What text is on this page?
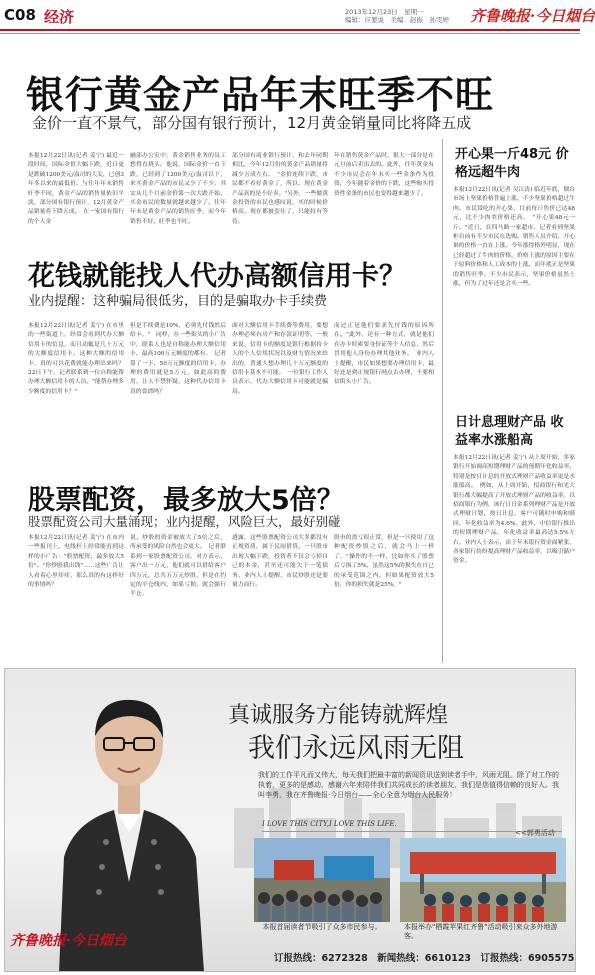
C08 经济	2013年12月23日　星期一
编辑：应要说　美编：赵振　孙雯婷	齐鲁晚报·今日烟台
银行黄金产品年末旺季不旺
金价一直不景气，部分国有银行预计，12月黄金销量同比将降五成
本报12月22日讯(记者 姜宁) 最近一段时间，国际金价大幅下跌，近日更是跌破1200美元/盎司的大关，已创3年多以来的最低价。与往年年末销售旺季不同，黄金产品的销售量依旧平淡，部分国有银行预计，12月黄金产品销量将下降五成。　在一家国有银行的个人金
融部办公室中，黄金销售业务的员工愁得直挠头。他说，国际金价一直下跌，已经到了1200美元/盎司以下，来买黄金产品的市民又少了不少。其实从几个月前金价第一次大跌开始，买金市民的数量就越来越少了。往年年末是黄金产品的销售旺季，而今年销售不好，旺季也不旺。
部分国有商业银行预计，和去年同期相比，今年12月份的黄金产品销量将减少五成左右。　"金价连续下跌，市民都不看好黄金了，所以，现在黄金产品真的是不好卖。"另外，一些做黄金投资的市民也感叹说，买的时候价格高，现在都被套住了，只能持有等待。
年在销售黄金产品时，很大一部分是在元旦前后卖出去的。此外，往年黄金有不少市民会在年末买一些金条作为投资，今年随着金价的下跌，这些购买投资性金条的市民也变得越来越少了。
开心果一斤48元 价格远超牛肉
本报12月22日讯(记者 吴江涛) 临近年底，烟台市场上坚果价格普遍上涨，不少坚果价格超过牛肉。市民常吃的开心果，目前每斤售价已达48元，比不少肉类价格还高。　"开心果48元一斤。"近日，在四马路一家超市，记者看到坚果柜台前有不少市民在选购。销售人员介绍，开心果的价格一直在上涨，今年涨得格外明显，现在已经超过了牛肉的价格。价格上涨的原因主要在于原料价格和人工成本的上涨，而年底正是坚果的销售旺季。不少市民表示，坚果价格虽然上涨，但为了过年还是会买一些。
花钱就能找人代办高额信用卡？
业内提醒：这种骗局很低劣，目的是骗取办卡手续费
本报12月22日讯(记者 姜宁) 在市里的一些街道上，经常会看到代办大额信用卡的信息，而且动辄是几十万元的大额度信用卡。这种大额的信用卡，真的可以花费就能办理出来吗？　22日下午，记者联系到一位自称能帮办理大额信用卡的人员，"能帮办理多少额度的信用卡？"
但是手续费是10%，必须先付钱然后给卡。"　同样，在一些街头的小广告中，联系人也是自称能办理大额信用卡，最高100万元额度的都有。　记者算了一下，50万元额度的信用卡，办理的费用就是5万元。如此高的费用，让人不禁怀疑，这种代办信用卡真的靠谱吗？
面对大额信用卡手续费等费用，要想办理必须有房产和存款证明等。一般来说，信用卡的额度是银行根据持卡人的个人信用状况以及财力情况来给出的，普通人想办理几十万元额度的信用卡基本不可能。　一位银行工作人员表示，代办大额信用卡可能就是骗局。
而过正是他们要求先付钱的原因所在。"此外，还有一种方式，就是他们在办卡时索要身份证等个人信息，然后冒用他人身份办理其他业务。　业内人士提醒，市民如果想要办理信用卡，最好还是到正规银行网点去办理，不要相信街头小广告。
日计息理财产品 收益率水涨船高
本报12月22日讯(记者 姜宁) 从上周开始，多家银行开始调高短期理财产品的预期年化收益率，特别是按日计息的开放式理财产品收益率更是水涨船高。　例如，从上周开始，招商银行和光大银行都大幅提高了开放式理财产品的收益率。以招商银行为例，该行日日金系列理财产品是开放式理财计划，按日计息，客户可随时申购和赎回，年化收益率为4.6%。此外，中信银行推出的短期理财产品，年化收益率最高达5.5%左右。业内人士表示，由于年末银行资金面紧张，各家银行纷纷提高理财产品收益率，以吸引储户资金。
股票配资，最多放大5倍？
股票配资公司大量涌现；业内提醒，风险巨大，最好别碰
本报12月22日讯(记者 姜宁) 在市内一些报刊上，电线杆上经常能看到这样的小广告："股票配资，最多放大5倍"、"你炒股我出钱"……这些广告让人看着心里痒痒，那么真的有这样好的事情吗？
说，炒股的资金被放大了5倍之后，所承受的风险自然也会更大。　记者联系到一家股票配资公司，对方表示，客户出一万元，他们就可以借给客户四万元，总共五万元炒股，但是在约定的平仓线内，如果亏损，就会强行平仓。
透露，这些股票配资公司大多都没有正规资质，属于民间借贷。一旦股市出现大幅下跌，投资者不仅会亏掉自己的本金，甚至还可能欠下一笔债务。业内人士提醒，市民炒股还是要量力而行。
股市的盈亏很正常，但是一旦使用了这种配资炒股之后，就会马上一样了。"操作的不一样，比如你买了股票后亏损了5%，虽然这5%的损失在自己的承受范围之内，但如果配资放大5倍，你的损失就是25%。"
真诚服务方能铸就辉煌
我们永远风雨无阻
我们的工作平凡而又伟大，每天我们把最丰富的新闻资讯送到读者手中，风雨无阻。除了对工作的执着，更多的是感动，感谢六年来陪伴我们共同成长的读者朋友，我们是您值得信赖的良好人。我叫李勇，我在齐鲁晚报·今日烟台——全心全意为烟台人民服务！
I LOVE THIS CITY,I LOVE THIS LIFE.
<<郭勇活动
本报首届读者节吸引了众多市民参与。	本报举办"栖霞苹果红齐鲁"活动吸引来众多外地游客。
齐鲁晚报·今日烟台
订报热线：6272328　新闻热线：6610123　订报热线：6905575
